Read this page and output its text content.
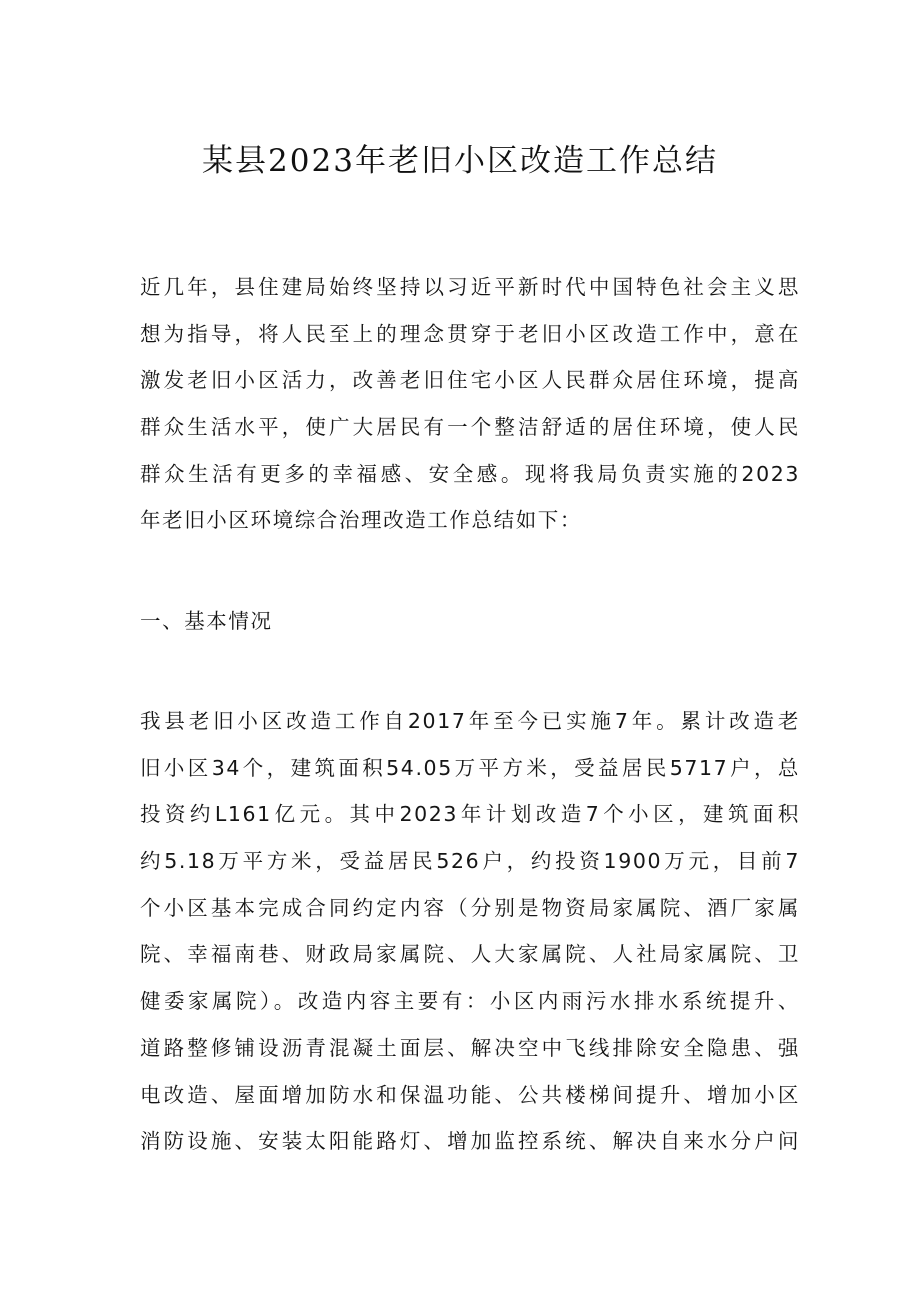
某县2023年老旧小区改造工作总结
近几年，县住建局始终坚持以习近平新时代中国特色社会主义思
想为指导，将人民至上的理念贯穿于老旧小区改造工作中，意在
激发老旧小区活力，改善老旧住宅小区人民群众居住环境，提高
群众生活水平，使广大居民有一个整洁舒适的居住环境，使人民
群众生活有更多的幸福感、安全感。现将我局负责实施的2023
年老旧小区环境综合治理改造工作总结如下：
一、基本情况
我县老旧小区改造工作自2017年至今已实施7年。累计改造老
旧小区34个，建筑面积54.05万平方米，受益居民5717户，总
投资约L161亿元。其中2023年计划改造7个小区，建筑面积
约5.18万平方米，受益居民526户，约投资1900万元，目前7
个小区基本完成合同约定内容（分别是物资局家属院、酒厂家属
院、幸福南巷、财政局家属院、人大家属院、人社局家属院、卫
健委家属院）。改造内容主要有：小区内雨污水排水系统提升、
道路整修铺设沥青混凝土面层、解决空中飞线排除安全隐患、强
电改造、屋面增加防水和保温功能、公共楼梯间提升、增加小区
消防设施、安装太阳能路灯、增加监控系统、解决自来水分户问
